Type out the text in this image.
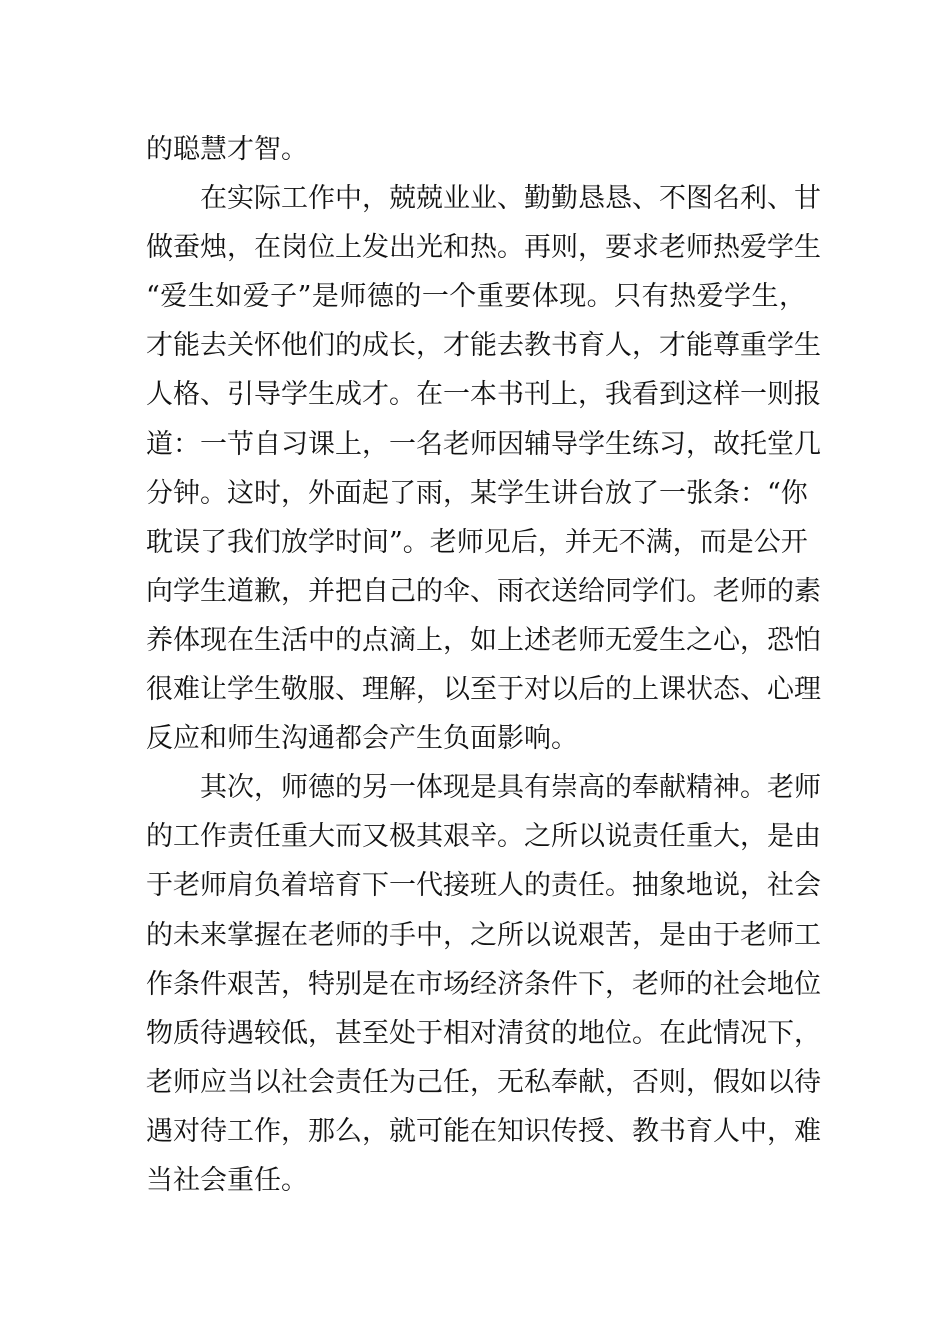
的聪慧才智。
在实际工作中，兢兢业业、勤勤恳恳、不图名利、甘
做蚕烛，在岗位上发出光和热。再则，要求老师热爱学生
“爱生如爱子”是师德的一个重要体现。只有热爱学生，
才能去关怀他们的成长，才能去教书育人，才能尊重学生
人格、引导学生成才。在一本书刊上，我看到这样一则报
道：一节自习课上，一名老师因辅导学生练习，故托堂几
分钟。这时，外面起了雨，某学生讲台放了一张条：“你
耽误了我们放学时间”。老师见后，并无不满，而是公开
向学生道歉，并把自己的伞、雨衣送给同学们。老师的素
养体现在生活中的点滴上，如上述老师无爱生之心，恐怕
很难让学生敬服、理解，以至于对以后的上课状态、心理
反应和师生沟通都会产生负面影响。
其次，师德的另一体现是具有崇高的奉献精神。老师
的工作责任重大而又极其艰辛。之所以说责任重大，是由
于老师肩负着培育下一代接班人的责任。抽象地说，社会
的未来掌握在老师的手中，之所以说艰苦，是由于老师工
作条件艰苦，特别是在市场经济条件下，老师的社会地位
物质待遇较低，甚至处于相对清贫的地位。在此情况下，
老师应当以社会责任为己任，无私奉献，否则，假如以待
遇对待工作，那么，就可能在知识传授、教书育人中，难
当社会重任。
